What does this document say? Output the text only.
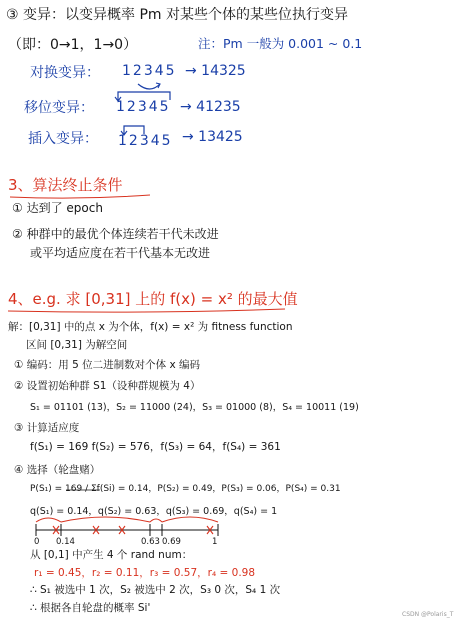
③ 变异：以变异概率 Pm 对某些个体的某些位执行变异
（即：0→1，1→0）	注：Pm 一般为 0.001 ~ 0.1
对换变异： 12345 → 14325
移位变异： 12345 → 41235
插入变异： 12345 → 13425
3、算法终止条件
① 达到了 epoch
② 种群中的最优个体连续若干代未改进
或平均适应度在若干代基本无改进
4、e.g. 求 [0,31] 上的 f(x) = x² 的最大值
解：[0,31] 中的点 x 为个体，f(x) = x² 为 fitness function
区间 [0,31] 为解空间
① 编码：用 5 位二进制数对个体 x 编码
② 设置初始种群 S1（设种群规模为 4）
S₁ = 01101 (13)，S₂ = 11000 (24)，S₃ = 01000 (8)，S₄ = 10011 (19)
③ 计算适应度
f(S₁) = 169 f(S₂) = 576，f(S₃) = 64，f(S₄) = 361
④ 选择（轮盘赌）
P(S₁) = 169 / Σf(Si) = 0.14，P(S₂) = 0.49，P(S₃) = 0.06，P(S₄) = 0.31
q(S₁) = 0.14，q(S₂) = 0.63，q(S₃) = 0.69，q(S₄) = 1
0 0.14	0.63 0.69	1
从 [0,1] 中产生 4 个 rand num：
r₁ = 0.45，r₂ = 0.11，r₃ = 0.57，r₄ = 0.98
∴ S₁ 被选中 1 次，S₂ 被选中 2 次，S₃ 0 次，S₄ 1 次
∴ 根据各自轮盘的概率 Si'
CSDN @Polaris_T
